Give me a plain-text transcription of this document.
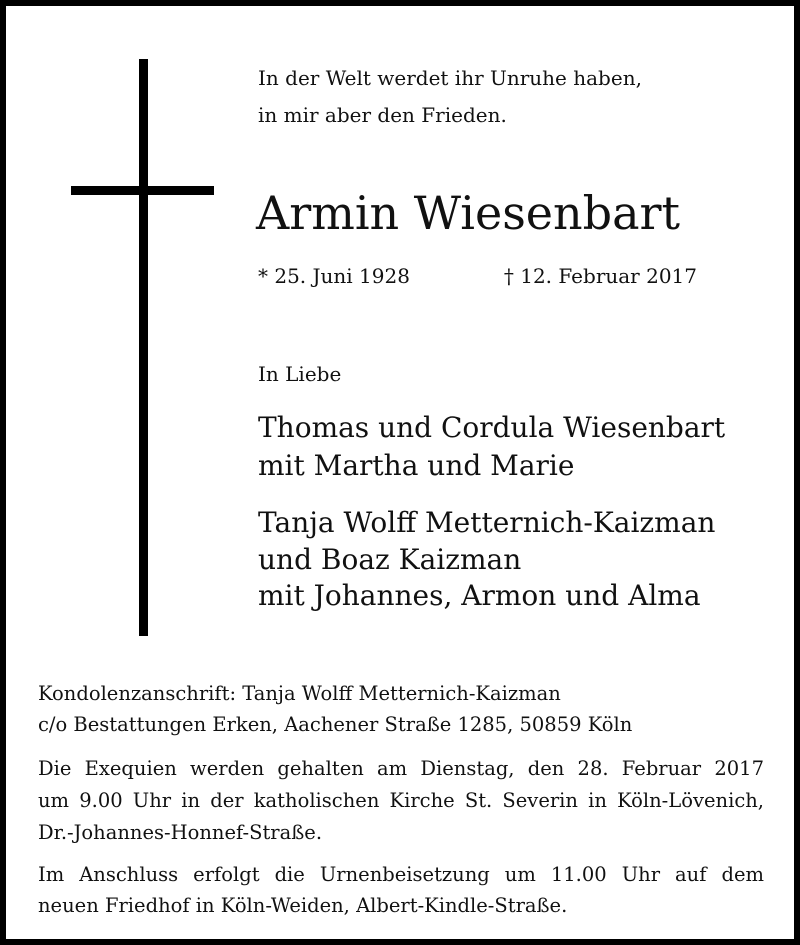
In der Welt werdet ihr Unruhe haben,

in mir aber den Frieden.

Armin Wiesenbart

* 25. Juni 1928	† 12. Februar 2017

In Liebe

Thomas und Cordula Wiesenbart

mit Martha und Marie

Tanja Wolff Metternich-Kaizman

und Boaz Kaizman

mit Johannes, Armon und Alma

Kondolenzanschrift: Tanja Wolff Metternich-Kaizman

c/o Bestattungen Erken, Aachener Straße 1285, 50859 Köln

Die Exequien werden gehalten am Dienstag, den 28. Februar 2017

um 9.00 Uhr in der katholischen Kirche St. Severin in Köln-Lövenich,

Dr.-Johannes-Honnef-Straße.

Im Anschluss erfolgt die Urnenbeisetzung um 11.00 Uhr auf dem

neuen Friedhof in Köln-Weiden, Albert-Kindle-Straße.
